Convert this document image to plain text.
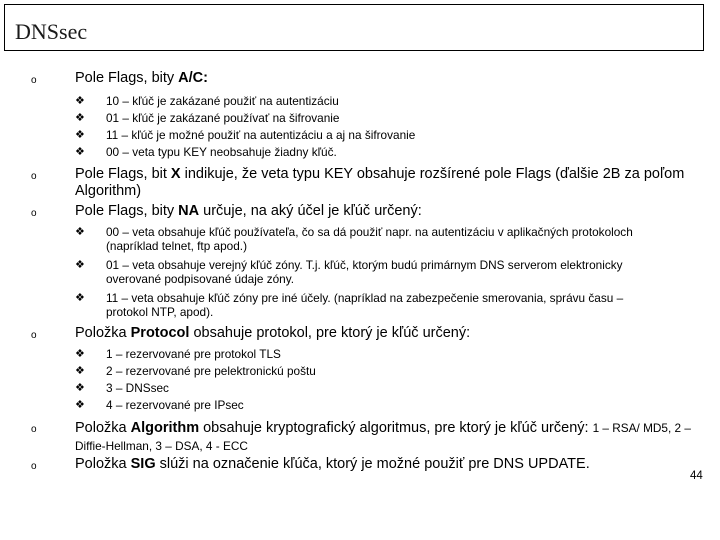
DNSsec
o	Pole Flags, bity A/C:
❖ 10 – kľúč je zakázané použiť na autentizáciu
❖ 01 – kľúč je zakázané používať na šifrovanie
❖ 11 – kľúč je možné použiť na autentizáciu a aj na šifrovanie
❖ 00 – veta typu KEY neobsahuje žiadny kľúč.
o	Pole Flags, bit X indikuje, že veta typu KEY obsahuje rozšírené pole Flags (ďalšie 2B za poľom Algorithm)
o	Pole Flags, bity NA určuje, na aký účel je kľúč určený:
❖ 00 – veta obsahuje kľúč používateľa, čo sa dá použiť napr. na autentizáciu v aplikačných protokoloch (napríklad telnet, ftp apod.)
❖ 01 – veta obsahuje verejný kľúč zóny. T.j. kľúč, ktorým budú primárnym DNS serverom elektronicky overované podpisované údaje zóny.
❖ 11 – veta obsahuje kľúč zóny pre iné účely. (napríklad na zabezpečenie smerovania, správu času – protokol NTP, apod).
o	Položka Protocol obsahuje protokol, pre ktorý je kľúč určený:
❖ 1 – rezervované pre protokol TLS
❖ 2 – rezervované pre pelektronickú poštu
❖ 3 – DNSsec
❖ 4 – rezervované pre IPsec
o	Položka Algorithm obsahuje kryptografický algoritmus, pre ktorý je kľúč určený: 1 – RSA/ MD5, 2 – Diffie-Hellman, 3 – DSA, 4 - ECC
o	Položka SIG slúži na označenie kľúča, ktorý je možné použiť pre DNS UPDATE.
44
